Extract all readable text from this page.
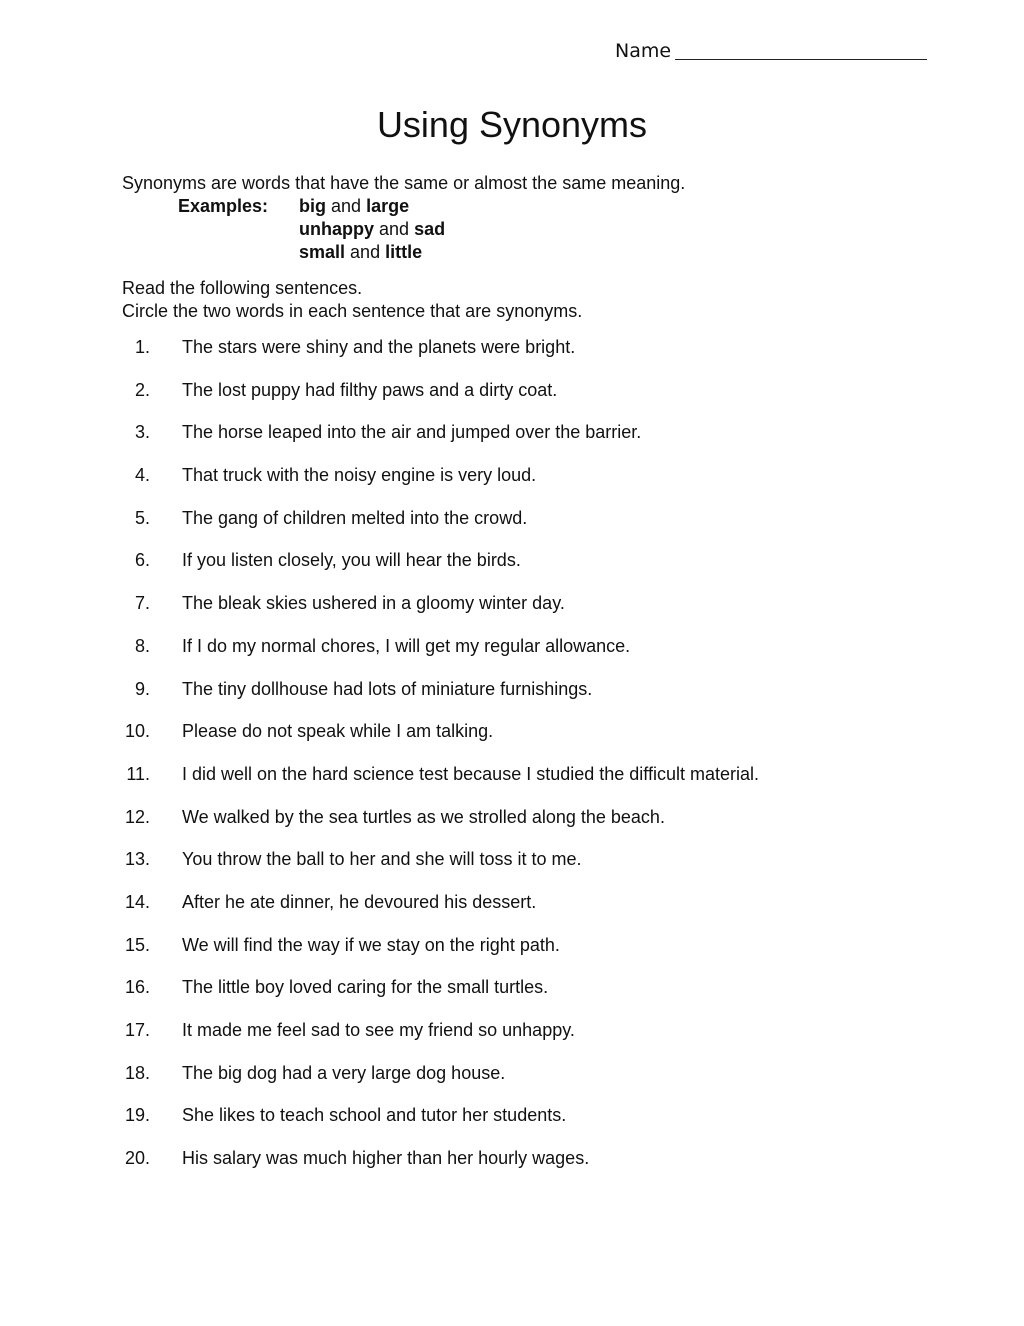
Name
Using Synonyms
Synonyms are words that have the same or almost the same meaning.
Examples: big and large
unhappy and sad
small and little
Read the following sentences.
Circle the two words in each sentence that are synonyms.
1. The stars were shiny and the planets were bright.
2. The lost puppy had filthy paws and a dirty coat.
3. The horse leaped into the air and jumped over the barrier.
4. That truck with the noisy engine is very loud.
5. The gang of children melted into the crowd.
6. If you listen closely, you will hear the birds.
7. The bleak skies ushered in a gloomy winter day.
8. If I do my normal chores, I will get my regular allowance.
9. The tiny dollhouse had lots of miniature furnishings.
10. Please do not speak while I am talking.
11. I did well on the hard science test because I studied the difficult material.
12. We walked by the sea turtles as we strolled along the beach.
13. You throw the ball to her and she will toss it to me.
14. After he ate dinner, he devoured his dessert.
15. We will find the way if we stay on the right path.
16. The little boy loved caring for the small turtles.
17. It made me feel sad to see my friend so unhappy.
18. The big dog had a very large dog house.
19. She likes to teach school and tutor her students.
20. His salary was much higher than her hourly wages.
